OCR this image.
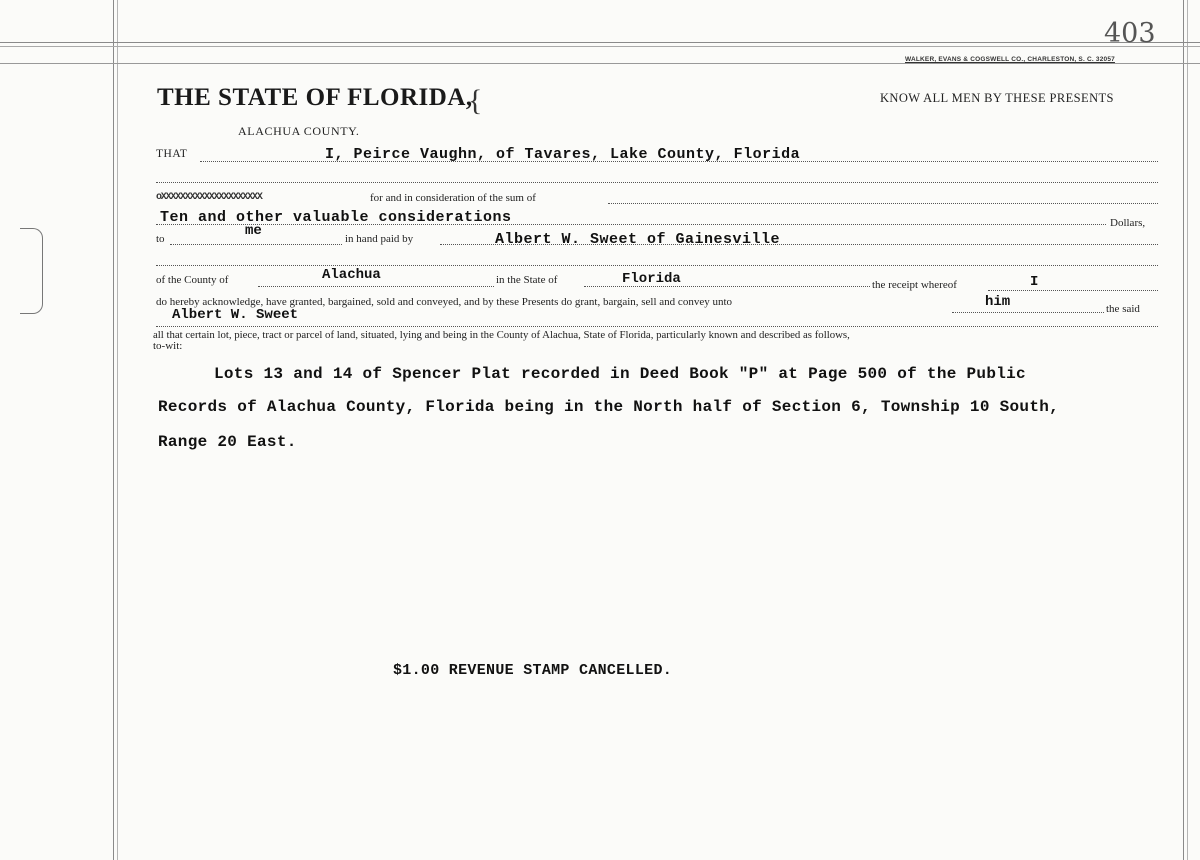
403
WALKER, EVANS & COGSWELL CO., CHARLESTON, S. C. 32057
THE STATE OF FLORIDA,
{
ALACHUA COUNTY.
KNOW ALL MEN BY THESE PRESENTS
THAT	I, Peirce Vaughn, of Tavares, Lake County, Florida
oXXXXXXXXXXXXXXXXXXXXX	for and in consideration of the sum of
Ten and other valuable considerations	Dollars,
to	me	in hand paid by	Albert W. Sweet of Gainesville
of the County of	Alachua	in the State of	Florida	the receipt whereof	I
do hereby acknowledge, have granted, bargained, sold and conveyed, and by these Presents do grant, bargain, sell and convey unto	him	the said
Albert W. Sweet
all that certain lot, piece, tract or parcel of land, situated, lying and being in the County of Alachua, State of Florida, particularly known and described as follows,
to-wit:
Lots 13 and 14 of Spencer Plat recorded in Deed Book "P" at Page 500 of the Public
Records of Alachua County, Florida being in the North half of Section 6, Township 10 South,
Range 20 East.
$1.00 REVENUE STAMP CANCELLED.
